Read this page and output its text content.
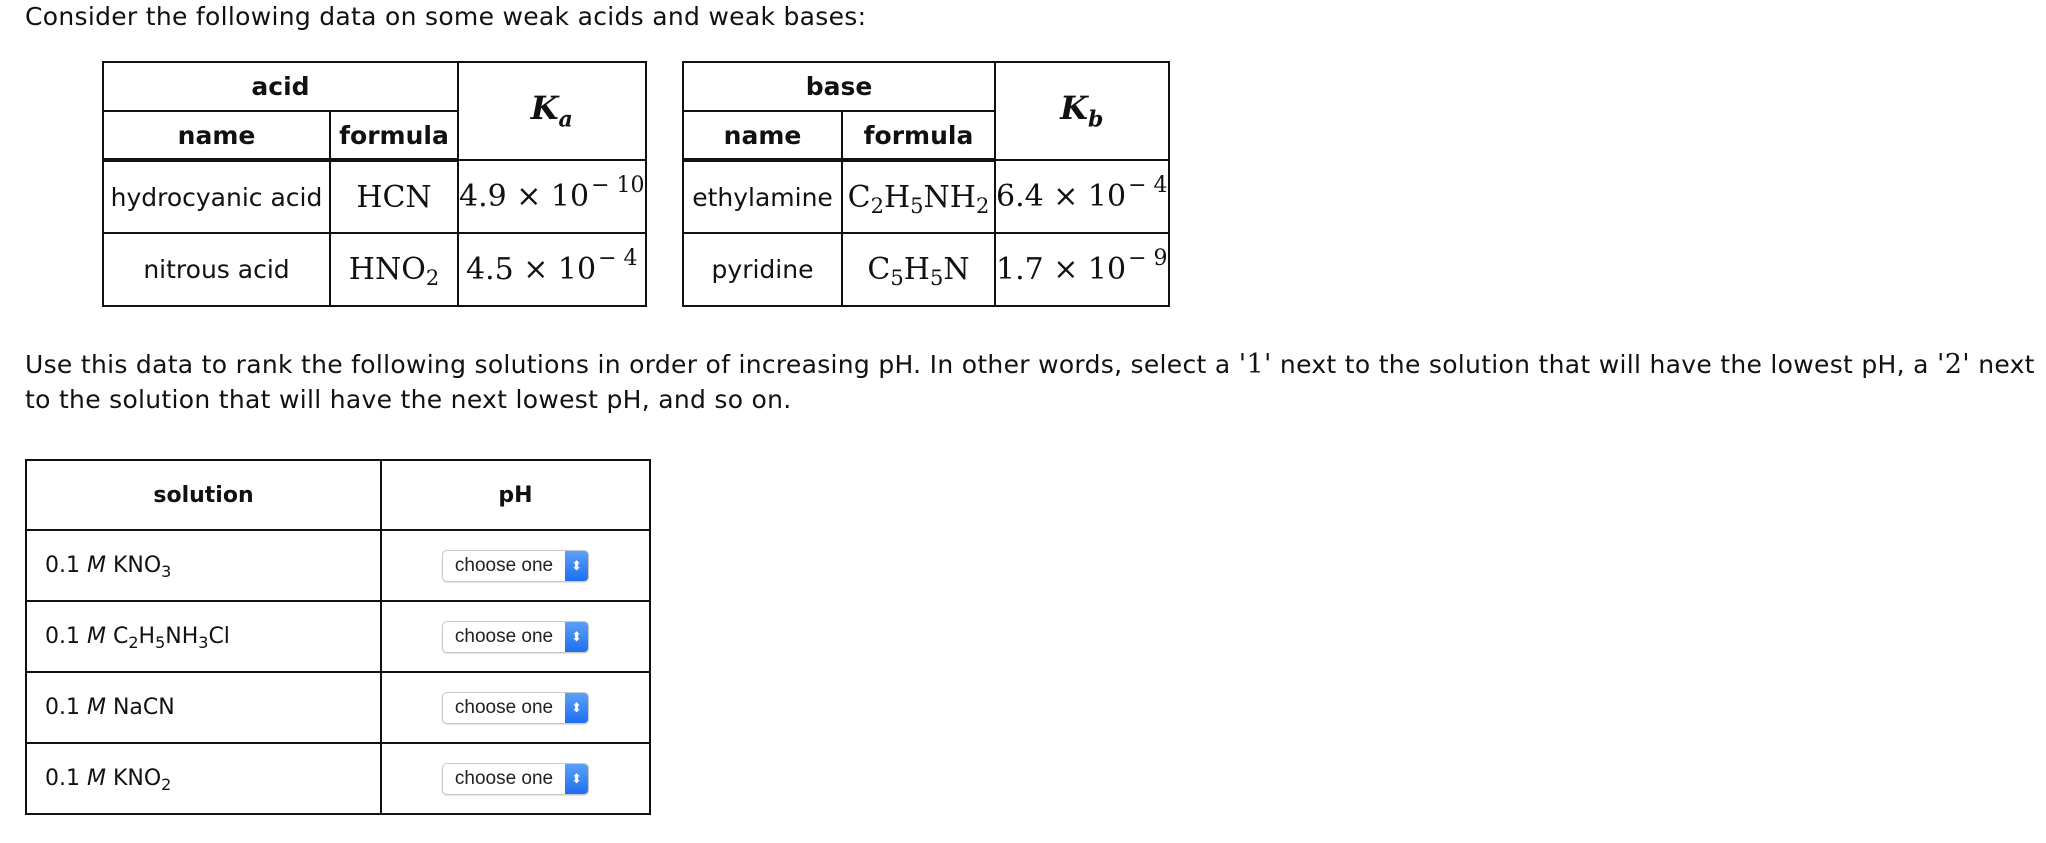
Consider the following data on some weak acids and weak bases:
acid		$K_a$
name	formula	
hydrocyanic acid	HCN	$4.9 \times 10^{- 10}$
nitrous acid	$HNO_2$	$4.5 \times 10^{- 4}$
base		$K_b$
name	formula	
ethylamine	$C_2H_5NH_2$	$6.4 \times 10^{- 4}$
pyridine	$C_5H_5N$	$1.7 \times 10^{- 9}$
Use this data to rank the following solutions in order of increasing pH. In other words, select a '1' next to the solution that will have the lowest pH, a '2' next to the solution that will have the next lowest pH, and so on.
solution	pH
0.1 M $KNO_3$	choose one ⬍

0.1 M $C_2H_5NH_3Cl$	choose one ⬍

0.1 M NaCN	choose one ⬍

0.1 M $KNO_2$	choose one ⬍
